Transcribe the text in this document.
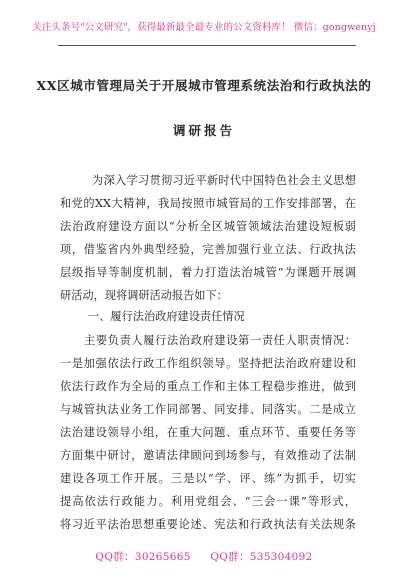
关注头条号"公文研究"，获得最新最全最专业的公文资料库！ 微信：gongwenyj
XX区城市管理局关于开展城市管理系统法治和行政执法的
调研报告
为深入学习贯彻习近平新时代中国特色社会主义思想
和党的XX大精神，我局按照市城管局的工作安排部署，在
法治政府建设方面以“分析全区城管领域法治建设短板弱
项，借鉴省内外典型经验，完善加强行业立法、行政执法
层级指导等制度机制，着力打造法治城管”为课题开展调
研活动，现将调研活动报告如下：
一、履行法治政府建设责任情况
主要负责人履行法治政府建设第一责任人职责情况：
一是加强依法行政工作组织领导。坚持把法治政府建设和
依法行政作为全局的重点工作和主体工程稳步推进，做到
与城管执法业务工作同部署、同安排、同落实。二是成立
法治建设领导小组，在重大问题、重点环节、重要任务等
方面集中研讨，邀请法律顾问到场参与，有效推动了法制
建设各项工作开展。三是以“学、评、练”为抓手，切实
提高依法行政能力。利用党组会、“三会一课”等形式，
将习近平法治思想重要论述、宪法和行政执法有关法规条
QQ群：30265665 QQ群：535304092
